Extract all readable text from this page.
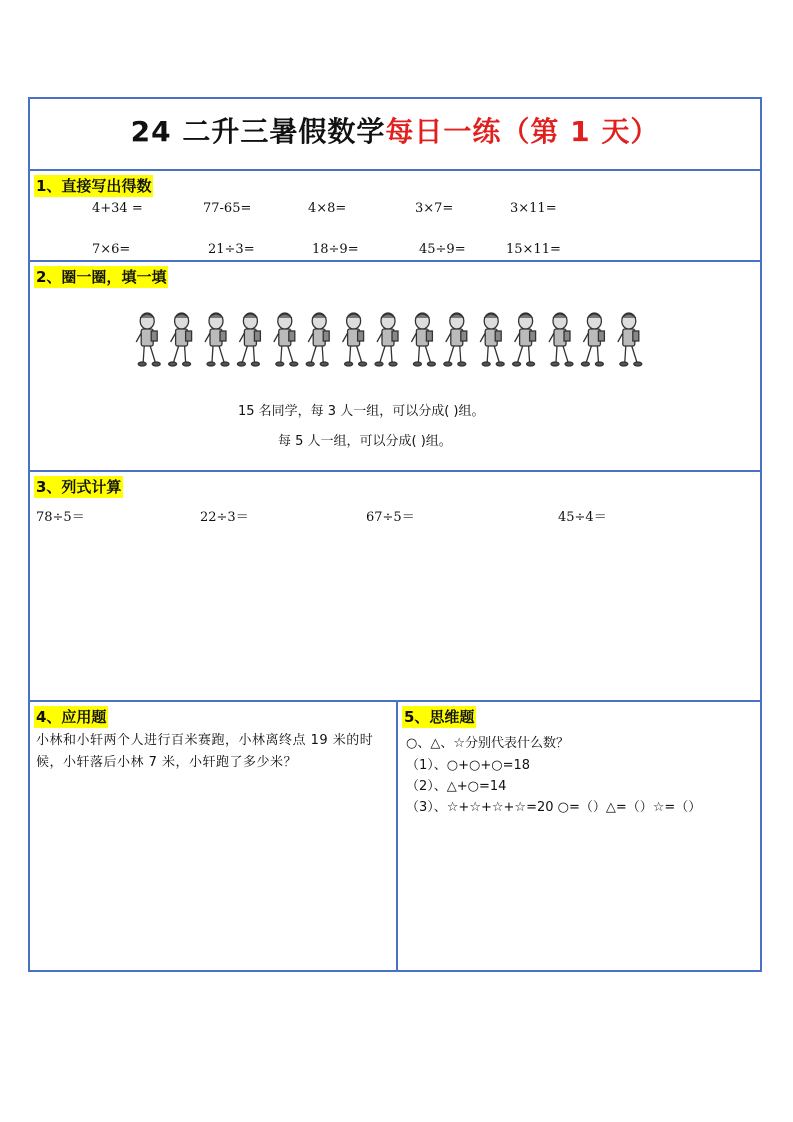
24 二升三暑假数学每日一练（第 1 天）
1、直接写出得数
4+34 =	77-65=	4×8=	3×7=	3×11=
7×6=	21÷3=	18÷9=	45÷9=	15×11=
2、圈一圈，填一填
15 名同学，每 3 人一组，可以分成( )组。
每 5 人一组，可以分成( )组。
3、列式计算
78÷5＝	22÷3＝	67÷5＝	45÷4＝
4、应用题
小林和小轩两个人进行百米赛跑，小林离终点 19 米的时候，小轩落后小林 7 米，小轩跑了多少米？
5、思维题
○、△、☆分别代表什么数？
（1）、○+○+○=18
（2）、△+○=14
（3）、☆+☆+☆+☆=20 ○=（）△=（）☆=（）
